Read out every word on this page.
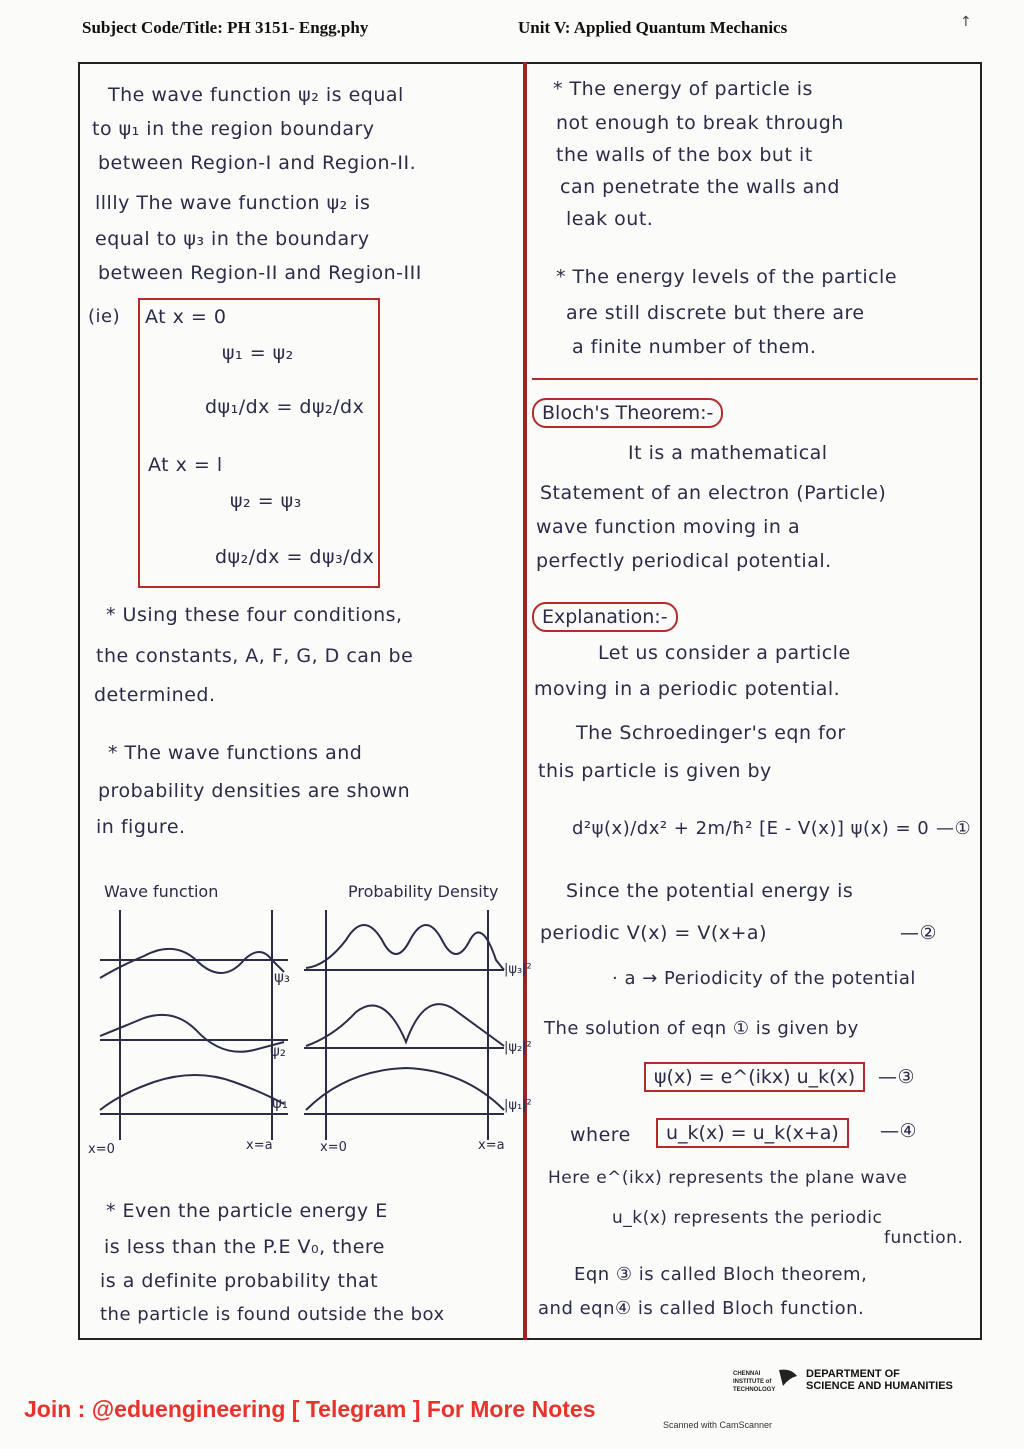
Subject Code/Title: PH 3151- Engg.phy	Unit V: Applied Quantum Mechanics	↑
The wave function ψ₂ is equal
to ψ₁ in the region boundary
between Region-I and Region-II.
lllly The wave function ψ₂ is
equal to ψ₃ in the boundary
between Region-II and Region-III
(ie) At x = 0
ψ₁ = ψ₂
dψ₁/dx = dψ₂/dx
At x = l
ψ₂ = ψ₃
dψ₂/dx = dψ₃/dx
* Using these four conditions,
the constants, A, F, G, D can be
determined.
* The wave functions and
probability densities are shown
in figure.
Wave function	Probability Density
ψ₃
ψ₂
ψ₁
|ψ₃|²
|ψ₂|²
|ψ₁|²
x=0	x=a	x=0	x=a
* Even the particle energy E
is less than the P.E V₀, there
is a definite probability that
the particle is found outside the box
* The energy of particle is
not enough to break through
the walls of the box but it
can penetrate the walls and
leak out.
* The energy levels of the particle
are still discrete but there are
a finite number of them.
Bloch's Theorem:-
It is a mathematical
Statement of an electron (Particle)
wave function moving in a
perfectly periodical potential.
Explanation:-
Let us consider a particle
moving in a periodic potential.
The Schroedinger's eqn for
this particle is given by
d²ψ(x)/dx² + 2m/ħ² [E - V(x)] ψ(x) = 0 —①
Since the potential energy is
periodic V(x) = V(x+a)	—②
· a → Periodicity of the potential
The solution of eqn ① is given by
ψ(x) = e^(ikx) u_k(x)	—③
where	u_k(x) = u_k(x+a)	—④
Here e^(ikx) represents the plane wave
u_k(x) represents the periodic
function.
Eqn ③ is called Bloch theorem,
and eqn④ is called Bloch function.
CHENNAI
INSTITUTE of
TECHNOLOGY
DEPARTMENT OF
SCIENCE AND HUMANITIES
Join : @eduengineering [ Telegram ] For More Notes
Scanned with CamScanner
